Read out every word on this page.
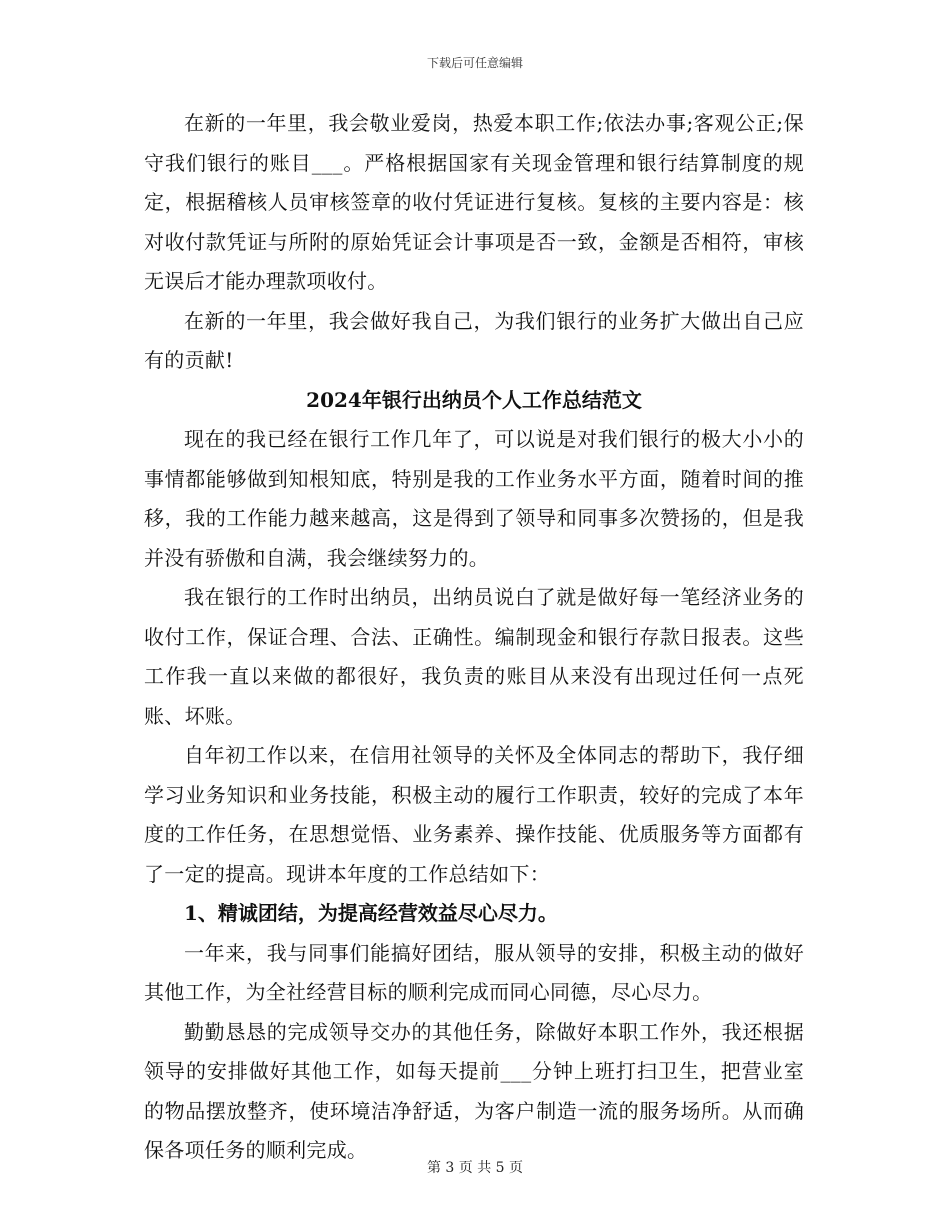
下载后可任意编辑

在新的一年里，我会敬业爱岗，热爱本职工作;依法办事;客观公正;保守我们银行的账目___。严格根据国家有关现金管理和银行结算制度的规定，根据稽核人员审核签章的收付凭证进行复核。复核的主要内容是：核对收付款凭证与所附的原始凭证会计事项是否一致，金额是否相符，审核无误后才能办理款项收付。

在新的一年里，我会做好我自己，为我们银行的业务扩大做出自己应有的贡献!

2024年银行出纳员个人工作总结范文

现在的我已经在银行工作几年了，可以说是对我们银行的极大小小的事情都能够做到知根知底，特别是我的工作业务水平方面，随着时间的推移，我的工作能力越来越高，这是得到了领导和同事多次赞扬的，但是我并没有骄傲和自满，我会继续努力的。

我在银行的工作时出纳员，出纳员说白了就是做好每一笔经济业务的收付工作，保证合理、合法、正确性。编制现金和银行存款日报表。这些工作我一直以来做的都很好，我负责的账目从来没有出现过任何一点死账、坏账。

自年初工作以来，在信用社领导的关怀及全体同志的帮助下，我仔细学习业务知识和业务技能，积极主动的履行工作职责，较好的完成了本年度的工作任务，在思想觉悟、业务素养、操作技能、优质服务等方面都有了一定的提高。现讲本年度的工作总结如下：

1、精诚团结，为提高经营效益尽心尽力。

一年来，我与同事们能搞好团结，服从领导的安排，积极主动的做好其他工作，为全社经营目标的顺利完成而同心同德，尽心尽力。

勤勤恳恳的完成领导交办的其他任务，除做好本职工作外，我还根据领导的安排做好其他工作，如每天提前___分钟上班打扫卫生，把营业室的物品摆放整齐，使环境洁净舒适，为客户制造一流的服务场所。从而确保各项任务的顺利完成。

第 3 页 共 5 页
